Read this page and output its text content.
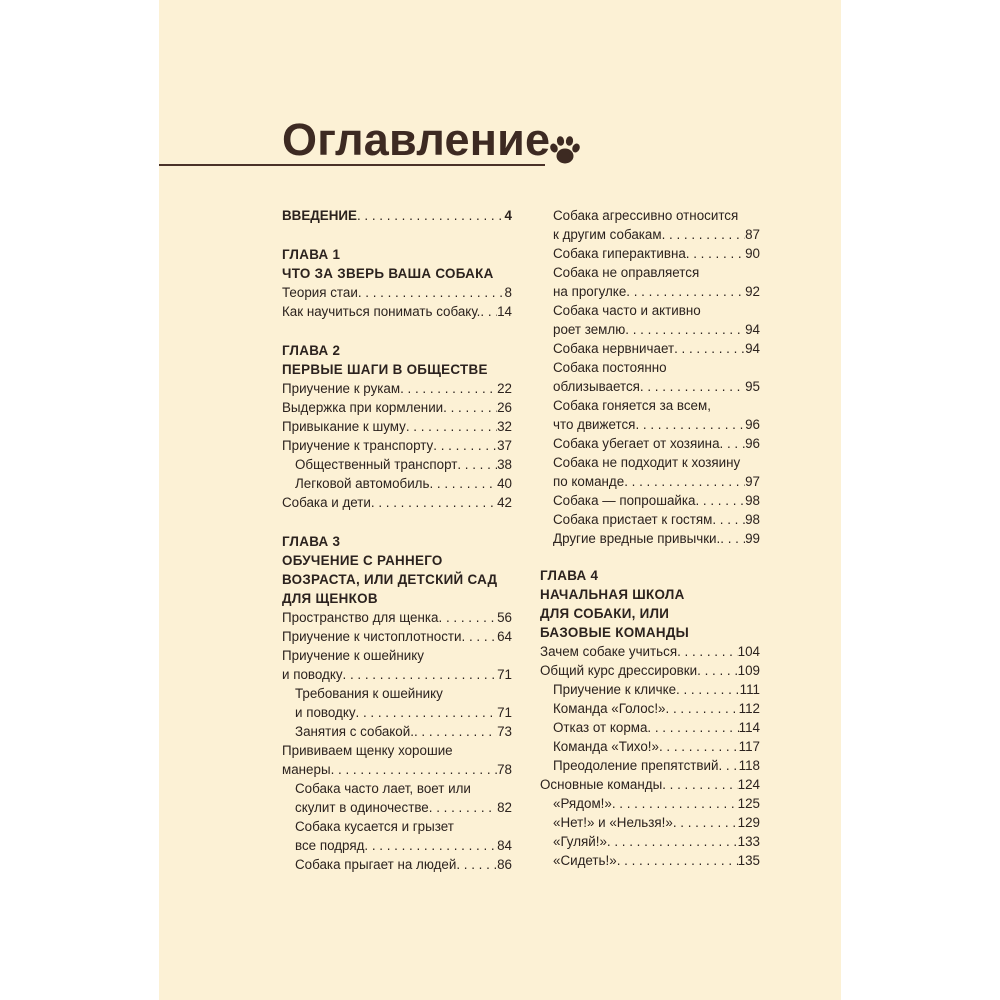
Оглавление
ВВЕДЕНИЕ . . .	4
ГЛАВА 1
ЧТО ЗА ЗВЕРЬ ВАША СОБАКА
Теория стаи . . .	8
Как научиться понимать собаку. . . . 14
ГЛАВА 2
ПЕРВЫЕ ШАГИ В ОБЩЕСТВЕ
Приучение к рукам . . .	22
Выдержка при кормлении . . .	26
Привыкание к шуму . . .	32
Приучение к транспорту . . .	37
Общественный транспорт . . .	38
Легковой автомобиль . . .	40
Собака и дети . . .	42
ГЛАВА 3
ОБУЧЕНИЕ С РАННЕГО
ВОЗРАСТА, ИЛИ ДЕТСКИЙ САД
ДЛЯ ЩЕНКОВ
Пространство для щенка . . .	56
Приучение к чистоплотности . . .	64
Приучение к ошейнику
и поводку . . .	71
Требования к ошейнику
и поводку . . .	71
Занятия с собакой. . . .	73
Прививаем щенку хорошие
манеры . . .	78
Собака часто лает, воет или
скулит в одиночестве . . .	82
Собака кусается и грызет
все подряд . . .	84
Собака прыгает на людей . . .	86
Собака агрессивно относится
к другим собакам . . .	87
Собака гиперактивна . . .	90
Собака не оправляется
на прогулке . . .	92
Собака часто и активно
роет землю . . .	94
Собака нервничает . . .	94
Собака постоянно
облизывается . . .	95
Собака гоняется за всем,
что движется . . .	96
Собака убегает от хозяина . . . 96
Собака не подходит к хозяину
по команде . . .	97
Собака — попрошайка . . .	98
Собака пристает к гостям . . . 98
Другие вредные привычки. . . . 99
ГЛАВА 4
НАЧАЛЬНАЯ ШКОЛА
ДЛЯ СОБАКИ, ИЛИ
БАЗОВЫЕ КОМАНДЫ
Зачем собаке учиться . . .	104
Общий курс дрессировки . . .	109
Приучение к кличке . . .	111
Команда «Голос!» . . .	112
Отказ от корма . . .	114
Команда «Тихо!» . . .	117
Преодоление препятствий . . . 118
Основные команды . . .	124
«Рядом!» . . .	125
«Нет!» и «Нельзя!» . . .	129
«Гуляй!» . . .	133
«Сидеть!» . . .	135
